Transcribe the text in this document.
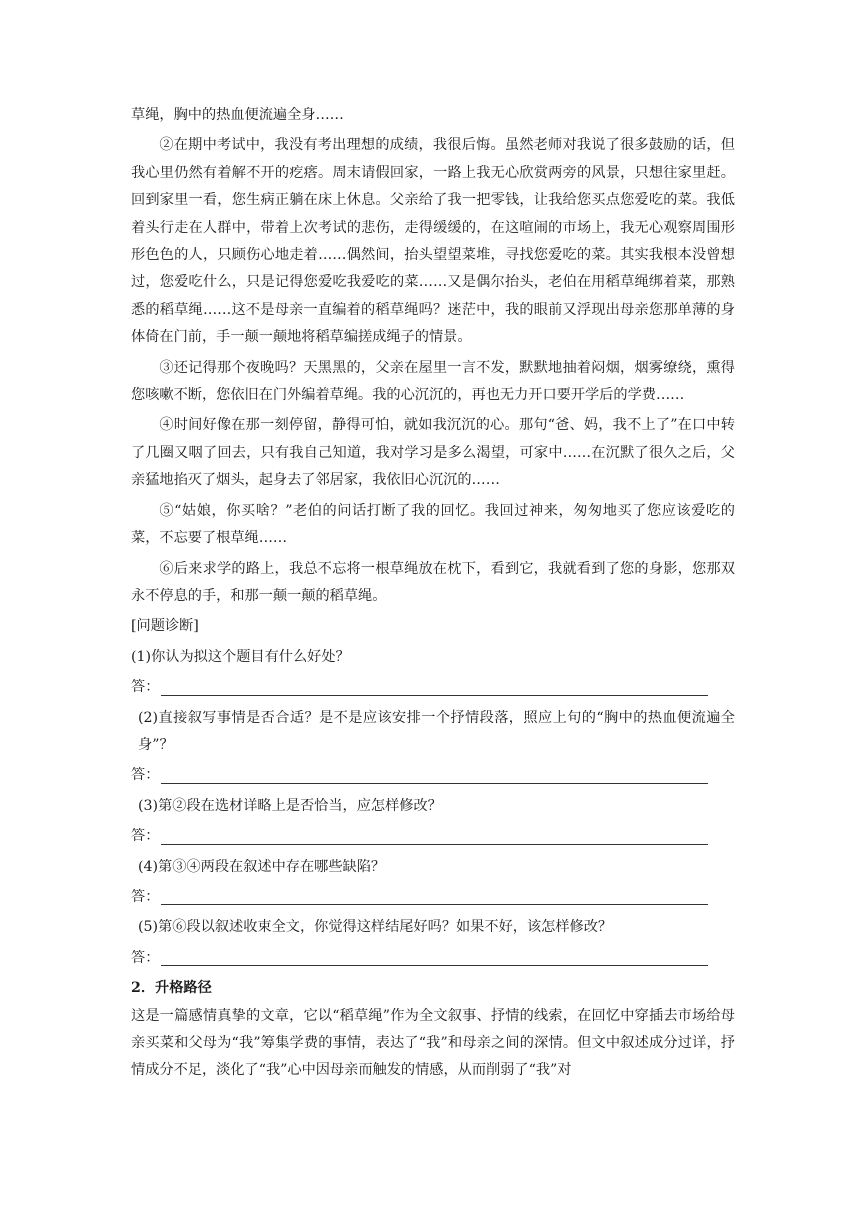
草绳，胸中的热血便流遍全身……

②在期中考试中，我没有考出理想的成绩，我很后悔。虽然老师对我说了很多鼓励的话，但我心里仍然有着解不开的疙瘩。周末请假回家，一路上我无心欣赏两旁的风景，只想往家里赶。回到家里一看，您生病正躺在床上休息。父亲给了我一把零钱，让我给您买点您爱吃的菜。我低着头行走在人群中，带着上次考试的悲伤，走得缓缓的，在这喧闹的市场上，我无心观察周围形形色色的人，只顾伤心地走着……偶然间，抬头望望菜堆，寻找您爱吃的菜。其实我根本没曾想过，您爱吃什么，只是记得您爱吃我爱吃的菜……又是偶尔抬头，老伯在用稻草绳绑着菜，那熟悉的稻草绳……这不是母亲一直编着的稻草绳吗？迷茫中，我的眼前又浮现出母亲您那单薄的身体倚在门前，手一颠一颠地将稻草编搓成绳子的情景。

③还记得那个夜晚吗？天黑黑的，父亲在屋里一言不发，默默地抽着闷烟，烟雾缭绕，熏得您咳嗽不断，您依旧在门外编着草绳。我的心沉沉的，再也无力开口要开学后的学费……

④时间好像在那一刻停留，静得可怕，就如我沉沉的心。那句“爸、妈，我不上了”在口中转了几圈又咽了回去，只有我自己知道，我对学习是多么渴望，可家中……在沉默了很久之后，父亲猛地掐灭了烟头，起身去了邻居家，我依旧心沉沉的……

⑤“姑娘，你买啥？”老伯的问话打断了我的回忆。我回过神来，匆匆地买了您应该爱吃的菜，不忘要了根草绳……

⑥后来求学的路上，我总不忘将一根草绳放在枕下，看到它，我就看到了您的身影，您那双永不停息的手，和那一颠一颠的稻草绳。

[问题诊断]

(1)你认为拟这个题目有什么好处？

答：

(2)直接叙写事情是否合适？是不是应该安排一个抒情段落，照应上句的“胸中的热血便流遍全身”？

答：

(3)第②段在选材详略上是否恰当，应怎样修改？

答：

(4)第③④两段在叙述中存在哪些缺陷？

答：

(5)第⑥段以叙述收束全文，你觉得这样结尾好吗？如果不好，该怎样修改？

答：

2．升格路径

这是一篇感情真挚的文章，它以“稻草绳”作为全文叙事、抒情的线索，在回忆中穿插去市场给母亲买菜和父母为“我”筹集学费的事情，表达了“我”和母亲之间的深情。但文中叙述成分过详，抒情成分不足，淡化了“我”心中因母亲而触发的情感，从而削弱了“我”对
